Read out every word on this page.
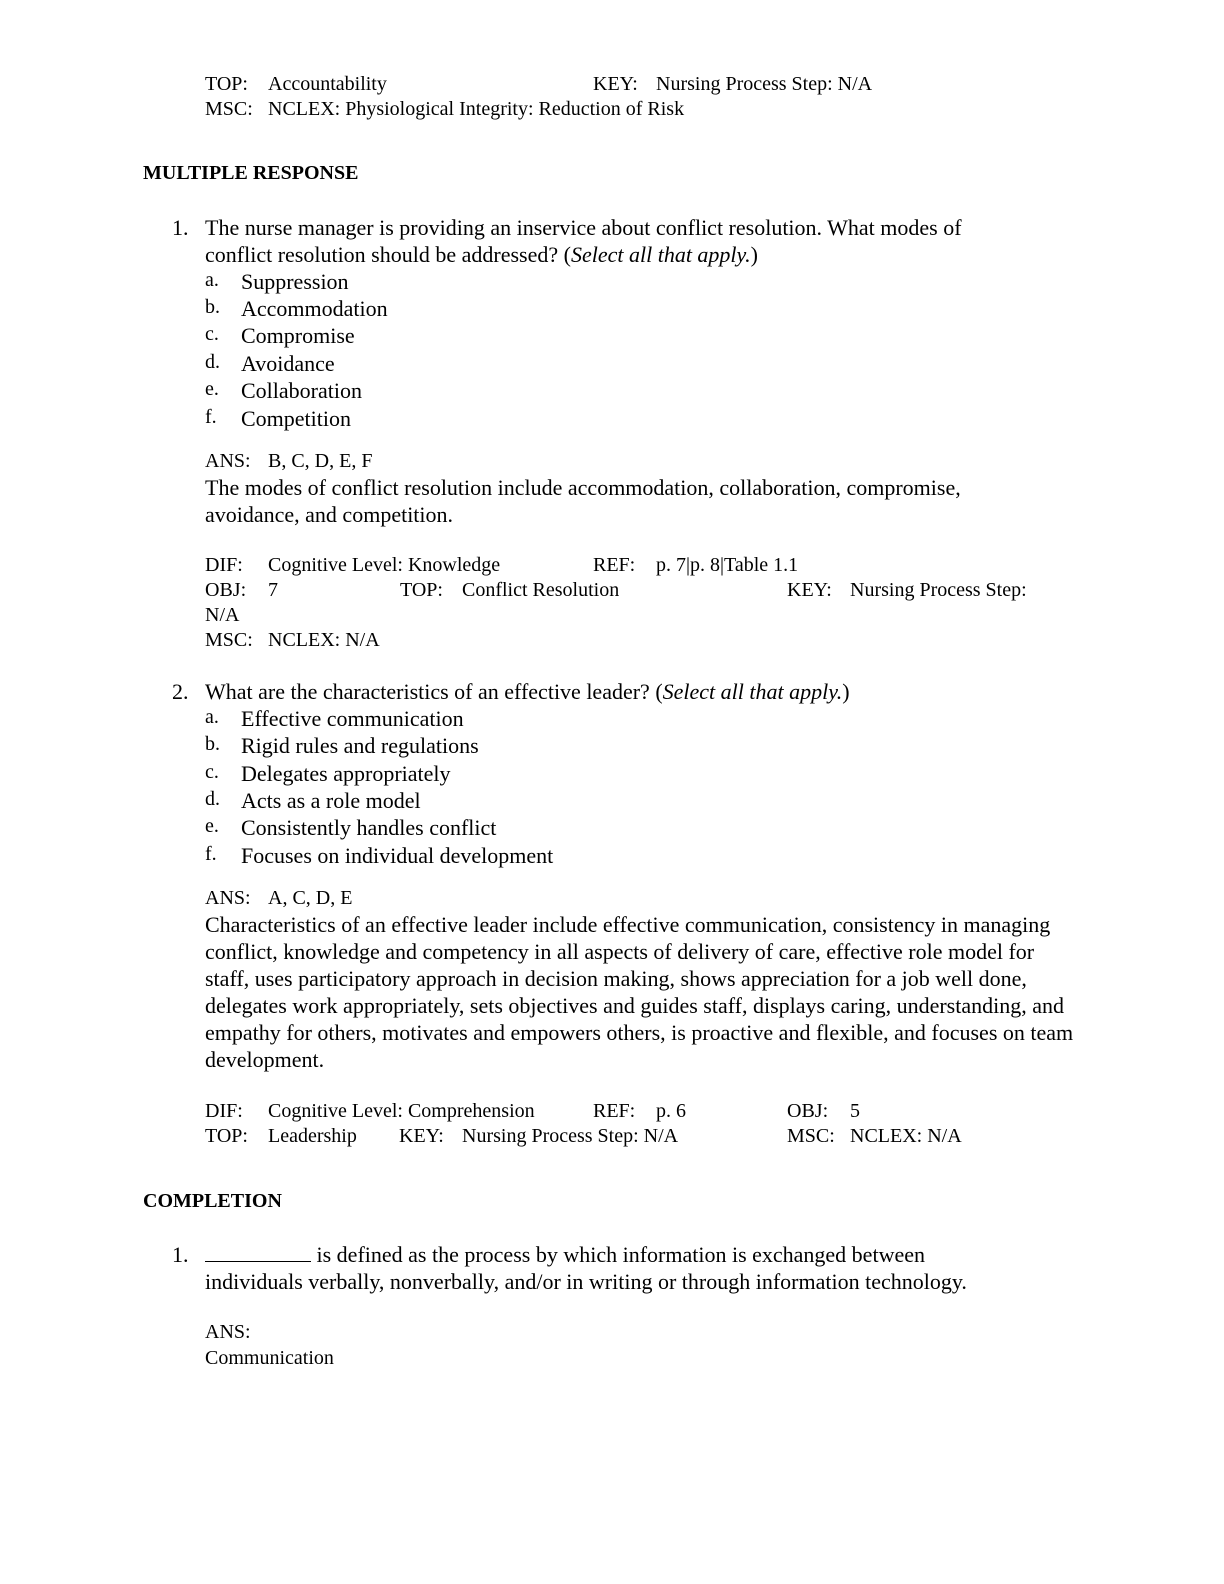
TOP: Accountability	KEY: Nursing Process Step: N/A
MSC: NCLEX: Physiological Integrity: Reduction of Risk
MULTIPLE RESPONSE
1. The nurse manager is providing an inservice about conflict resolution. What modes of
conflict resolution should be addressed? (Select all that apply.)
a. Suppression
b. Accommodation
c. Compromise
d. Avoidance
e. Collaboration
f. Competition
ANS: B, C, D, E, F
The modes of conflict resolution include accommodation, collaboration, compromise, avoidance, and competition.
DIF: Cognitive Level: Knowledge	REF: p. 7|p. 8|Table 1.1
OBJ: 7	TOP: Conflict Resolution	KEY: Nursing Process Step:
N/A
MSC: NCLEX: N/A
2. What are the characteristics of an effective leader? (Select all that apply.)
a. Effective communication
b. Rigid rules and regulations
c. Delegates appropriately
d. Acts as a role model
e. Consistently handles conflict
f. Focuses on individual development
ANS: A, C, D, E
Characteristics of an effective leader include effective communication, consistency in managing conflict, knowledge and competency in all aspects of delivery of care, effective role model for staff, uses participatory approach in decision making, shows appreciation for a job well done, delegates work appropriately, sets objectives and guides staff, displays caring, understanding, and empathy for others, motivates and empowers others, is proactive and flexible, and focuses on team development.
DIF: Cognitive Level: Comprehension	REF: p. 6	OBJ: 5
TOP: Leadership KEY: Nursing Process Step: N/A	MSC: NCLEX: N/A
COMPLETION
1.	is defined as the process by which information is exchanged between
individuals verbally, nonverbally, and/or in writing or through information technology.
ANS:
Communication
